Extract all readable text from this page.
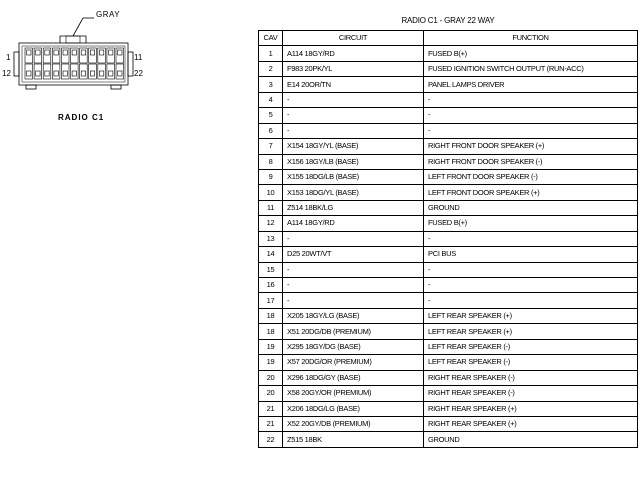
GRAY
1	11
12	22
RADIO C1
RADIO C1 - GRAY 22 WAY
CAV	CIRCUIT	FUNCTION
1	A114 18GY/RD	FUSED B(+)
2	F983 20PK/YL	FUSED IGNITION SWITCH OUTPUT (RUN-ACC)
3	E14 20OR/TN	PANEL LAMPS DRIVER
4	-	-
5	-	-
6	-	-
7	X154 18GY/YL (BASE)	RIGHT FRONT DOOR SPEAKER (+)
8	X156 18GY/LB (BASE)	RIGHT FRONT DOOR SPEAKER (-)
9	X155 18DG/LB (BASE)	LEFT FRONT DOOR SPEAKER (-)
10	X153 18DG/YL (BASE)	LEFT FRONT DOOR SPEAKER (+)
11	Z514 18BK/LG	GROUND
12	A114 18GY/RD	FUSED B(+)
13	-	-
14	D25 20WT/VT	PCI BUS
15	-	-
16	-	-
17	-	-
18	X205 18GY/LG (BASE)	LEFT REAR SPEAKER (+)
18	X51 20DG/DB (PREMIUM)	LEFT REAR SPEAKER (+)
19	X295 18GY/DG (BASE)	LEFT REAR SPEAKER (-)
19	X57 20DG/OR (PREMIUM)	LEFT REAR SPEAKER (-)
20	X296 18DG/GY (BASE)	RIGHT REAR SPEAKER (-)
20	X58 20GY/OR (PREMIUM)	RIGHT REAR SPEAKER (-)
21	X206 18DG/LG (BASE)	RIGHT REAR SPEAKER (+)
21	X52 20GY/DB (PREMIUM)	RIGHT REAR SPEAKER (+)
22	Z515 18BK	GROUND
